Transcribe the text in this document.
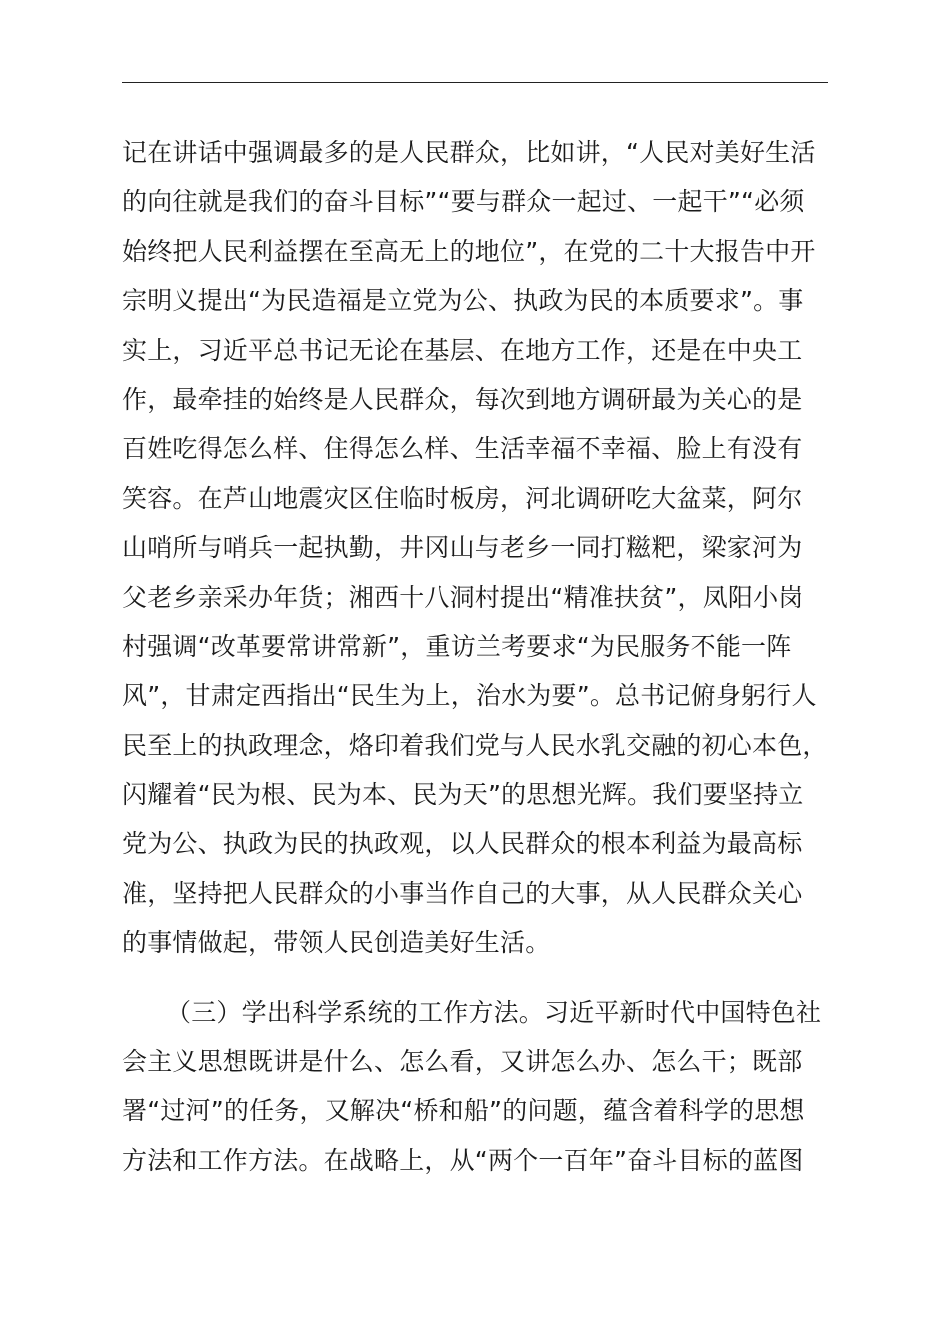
记在讲话中强调最多的是人民群众，比如讲，“人民对美好生活
的向往就是我们的奋斗目标”“要与群众一起过、一起干”“必须
始终把人民利益摆在至高无上的地位”，在党的二十大报告中开
宗明义提出“为民造福是立党为公、执政为民的本质要求”。事
实上，习近平总书记无论在基层、在地方工作，还是在中央工
作，最牵挂的始终是人民群众，每次到地方调研最为关心的是
百姓吃得怎么样、住得怎么样、生活幸福不幸福、脸上有没有
笑容。在芦山地震灾区住临时板房，河北调研吃大盆菜，阿尔
山哨所与哨兵一起执勤，井冈山与老乡一同打糍粑，梁家河为
父老乡亲采办年货；湘西十八洞村提出“精准扶贫”，凤阳小岗
村强调“改革要常讲常新”，重访兰考要求“为民服务不能一阵
风”，甘肃定西指出“民生为上，治水为要”。总书记俯身躬行人
民至上的执政理念，烙印着我们党与人民水乳交融的初心本色，
闪耀着“民为根、民为本、民为天”的思想光辉。我们要坚持立
党为公、执政为民的执政观，以人民群众的根本利益为最高标
准，坚持把人民群众的小事当作自己的大事，从人民群众关心
的事情做起，带领人民创造美好生活。
（三）学出科学系统的工作方法。习近平新时代中国特色社
会主义思想既讲是什么、怎么看，又讲怎么办、怎么干；既部
署“过河”的任务，又解决“桥和船”的问题，蕴含着科学的思想
方法和工作方法。在战略上，从“两个一百年”奋斗目标的蓝图
